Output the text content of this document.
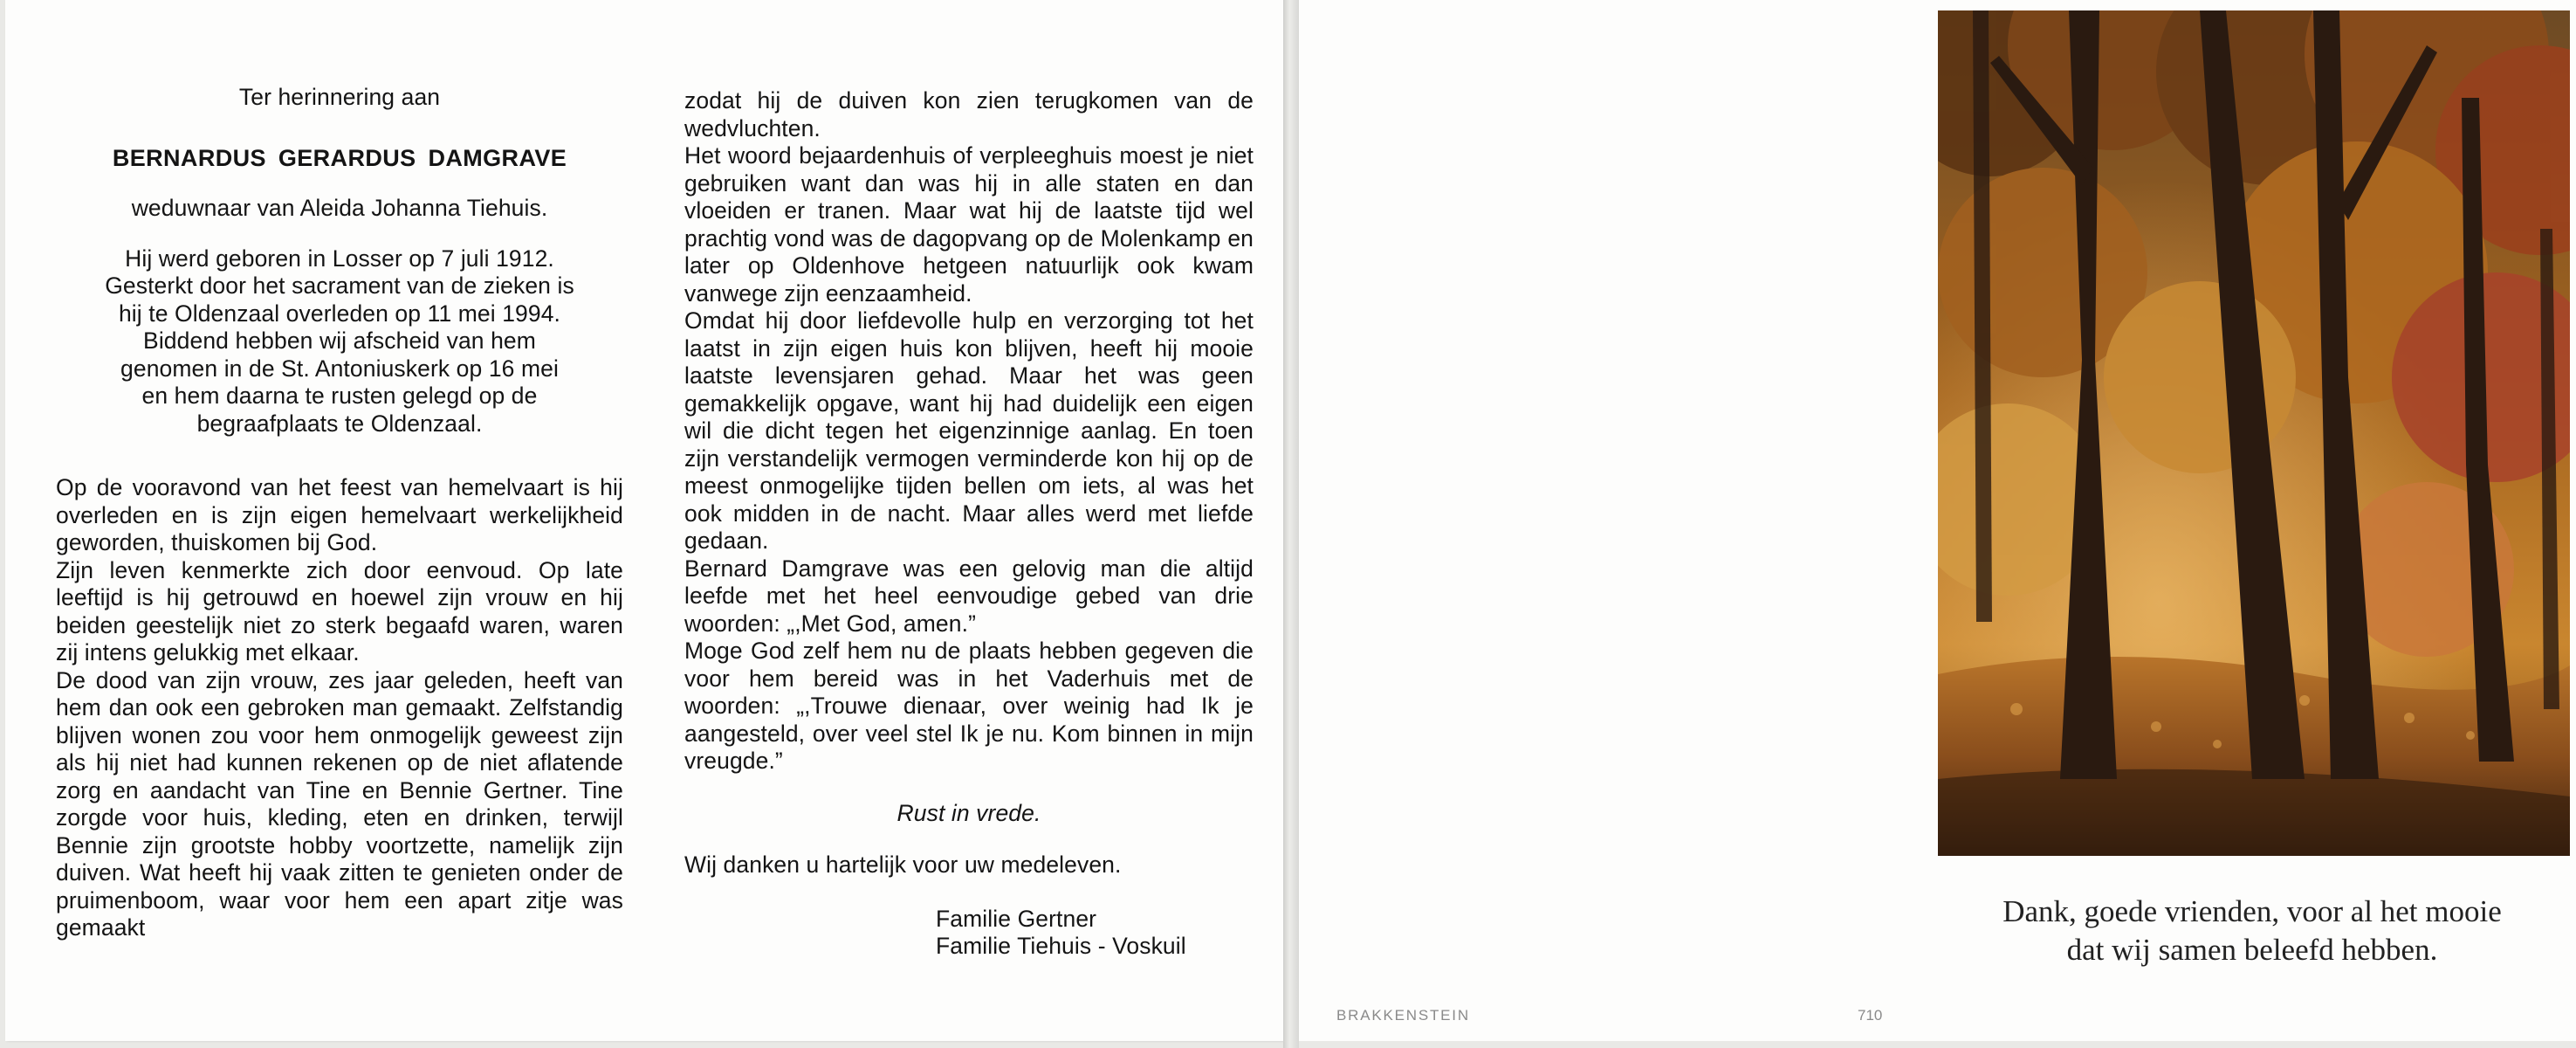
Ter herinnering aan
BERNARDUS GERARDUS DAMGRAVE
weduwnaar van Aleida Johanna Tiehuis.
Hij werd geboren in Losser op 7 juli 1912.
Gesterkt door het sacrament van de zieken is
hij te Oldenzaal overleden op 11 mei 1994.
Biddend hebben wij afscheid van hem
genomen in de St. Antoniuskerk op 16 mei
en hem daarna te rusten gelegd op de
begraafplaats te Oldenzaal.

Op de vooravond van het feest van hemelvaart is hij overleden en is zijn eigen hemelvaart werkelijkheid geworden, thuiskomen bij God.

Zijn leven kenmerkte zich door eenvoud. Op late leeftijd is hij getrouwd en hoewel zijn vrouw en hij beiden geestelijk niet zo sterk begaafd waren, waren zij intens gelukkig met elkaar.

De dood van zijn vrouw, zes jaar geleden, heeft van hem dan ook een gebroken man gemaakt. Zelfstandig blijven wonen zou voor hem onmogelijk geweest zijn als hij niet had kunnen rekenen op de niet aflatende zorg en aandacht van Tine en Bennie Gertner. Tine zorgde voor huis, kleding, eten en drinken, terwijl Bennie zijn grootste hobby voortzette, namelijk zijn duiven. Wat heeft hij vaak zitten te genieten onder de pruimenboom, waar voor hem een apart zitje was gemaakt

zodat hij de duiven kon zien terugkomen van de wedvluchten.

Het woord bejaardenhuis of verpleeghuis moest je niet gebruiken want dan was hij in alle staten en dan vloeiden er tranen. Maar wat hij de laatste tijd wel prachtig vond was de dagopvang op de Molenkamp en later op Oldenhove hetgeen natuurlijk ook kwam vanwege zijn eenzaamheid.

Omdat hij door liefdevolle hulp en verzorging tot het laatst in zijn eigen huis kon blijven, heeft hij mooie laatste levensjaren gehad. Maar het was geen gemakkelijk opgave, want hij had duidelijk een eigen wil die dicht tegen het eigenzinnige aanlag. En toen zijn verstandelijk vermogen verminderde kon hij op de meest onmogelijke tijden bellen om iets, al was het ook midden in de nacht. Maar alles werd met liefde gedaan.

Bernard Damgrave was een gelovig man die altijd leefde met het heel eenvoudige gebed van drie woorden: „,Met God, amen.”

Moge God zelf hem nu de plaats hebben gegeven die voor hem bereid was in het Vaderhuis met de woorden: „,Trouwe dienaar, over weinig had Ik je aangesteld, over veel stel Ik je nu. Kom binnen in mijn vreugde.”

Rust in vrede.
Wij danken u hartelijk voor uw medeleven.
Familie Gertner
Familie Tiehuis - Voskuil
Dank, goede vrienden, voor al het mooie
dat wij samen beleefd hebben.
BRAKKENSTEIN	710
